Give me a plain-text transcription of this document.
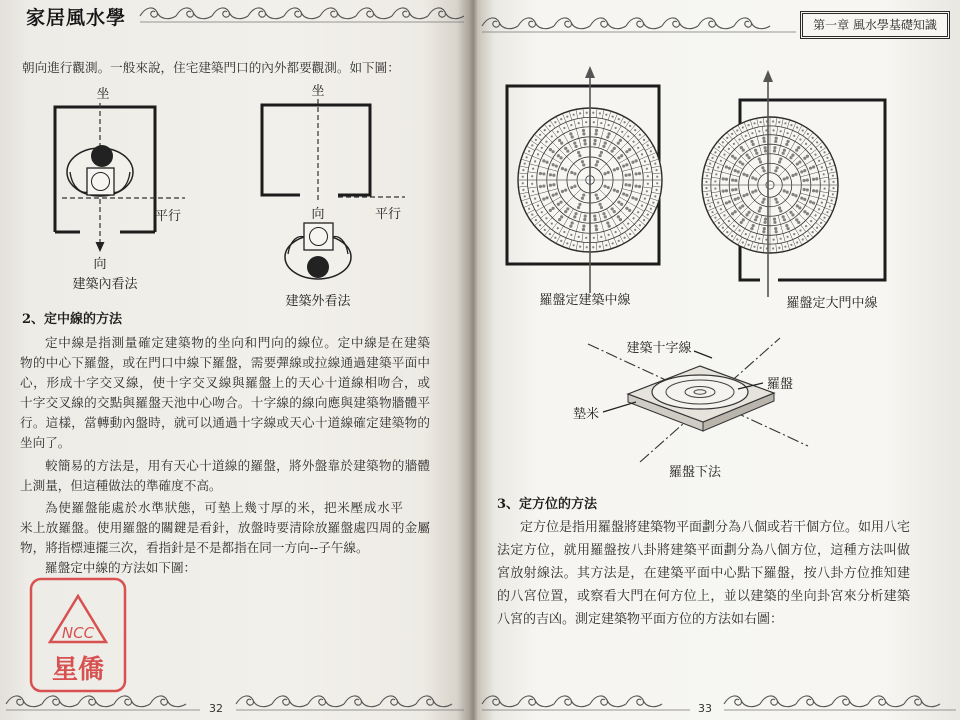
坐
向
平行
建築內看法
坐
向	平行
建築外看法
NCC
星僑
羅盤定建築中線	羅盤定大門中線
建築十字線
羅盤
墊米
羅盤下法
家居風水學	第一章 風水學基礎知識
朝向進行觀測。一般來說，住宅建築門口的內外都要觀測。如下圖：
2、定中線的方法
定中線是指測量確定建築物的坐向和門向的線位。定中線是在建築
物的中心下羅盤，或在門口中線下羅盤，需要彈線或拉線通過建築平面中
心，形成十字交叉線，使十字交叉線與羅盤上的天心十道線相吻合，或
十字交叉線的交點與羅盤天池中心吻合。十字線的線向應與建築物牆體平
行。這樣，當轉動內盤時，就可以通過十字線或天心十道線確定建築物的
坐向了。
較簡易的方法是，用有天心十道線的羅盤，將外盤靠於建築物的牆體
上測量，但這種做法的準確度不高。
為使羅盤能處於水準狀態，可墊上幾寸厚的米，把米壓成水平
米上放羅盤。使用羅盤的關鍵是看針，放盤時要清除放羅盤處四周的金屬
物，將指標連擺三次，看指針是不是都指在同一方向--子午線。
羅盤定中線的方法如下圖：
3、定方位的方法
定方位是指用羅盤將建築物平面劃分為八個或若干個方位。如用八宅
法定方位，就用羅盤按八卦將建築平面劃分為八個方位，這種方法叫做
宮放射線法。其方法是，在建築平面中心點下羅盤，按八卦方位推知建
的八宮位置，或察看大門在何方位上，並以建築的坐向卦宮來分析建築
八宮的吉凶。測定建築物平面方位的方法如右圖：
32	33
